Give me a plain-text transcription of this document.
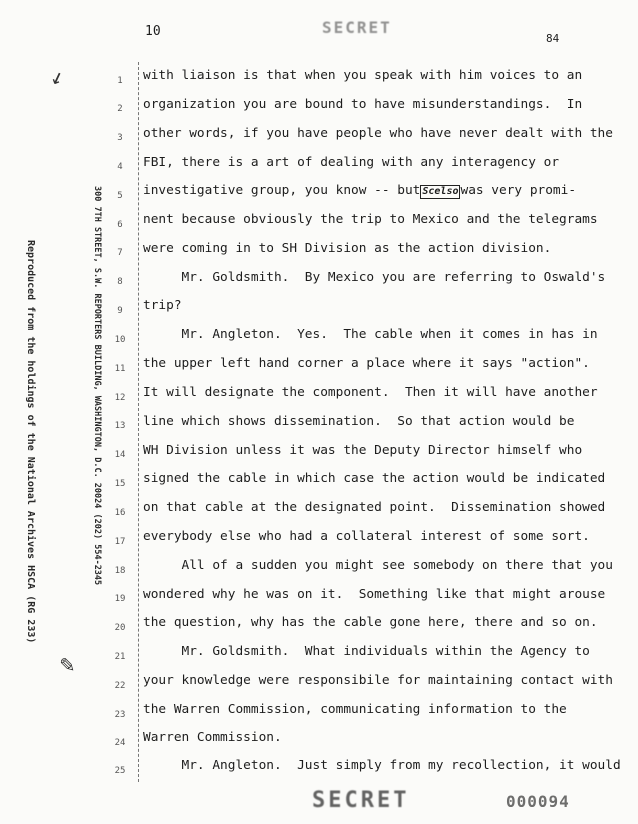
10	SECRET
84
↙
✎
Reproduced from the holdings of the National Archives HSCA (RG 233)	300 7TH STREET, S.W. REPORTERS BUILDING, WASHINGTON, D.C. 20024 (202) 554-2345
1
2
3
4
5
6
7
8
9
10
11
12
13
14
15
16
17
18
19
20
21
22
23
24
25
with liaison is that when you speak with him voices to an
organization you are bound to have misunderstandings.  In
other words, if you have people who have never dealt with the
FBI, there is a art of dealing with any interagency or
investigative group, you know -- but Scelso was very promi-
nent because obviously the trip to Mexico and the telegrams
were coming in to SH Division as the action division.
Mr. Goldsmith.  By Mexico you are referring to Oswald's
trip?
Mr. Angleton.  Yes.  The cable when it comes in has in
the upper left hand corner a place where it says "action".
It will designate the component.  Then it will have another
line which shows dissemination.  So that action would be
WH Division unless it was the Deputy Director himself who
signed the cable in which case the action would be indicated
on that cable at the designated point.  Dissemination showed
everybody else who had a collateral interest of some sort.
All of a sudden you might see somebody on there that you
wondered why he was on it.  Something like that might arouse
the question, why has the cable gone here, there and so on.
Mr. Goldsmith.  What individuals within the Agency to
your knowledge were responsibile for maintaining contact with
the Warren Commission, communicating information to the
Warren Commission.
Mr. Angleton.  Just simply from my recollection, it would
SECRET	000094
